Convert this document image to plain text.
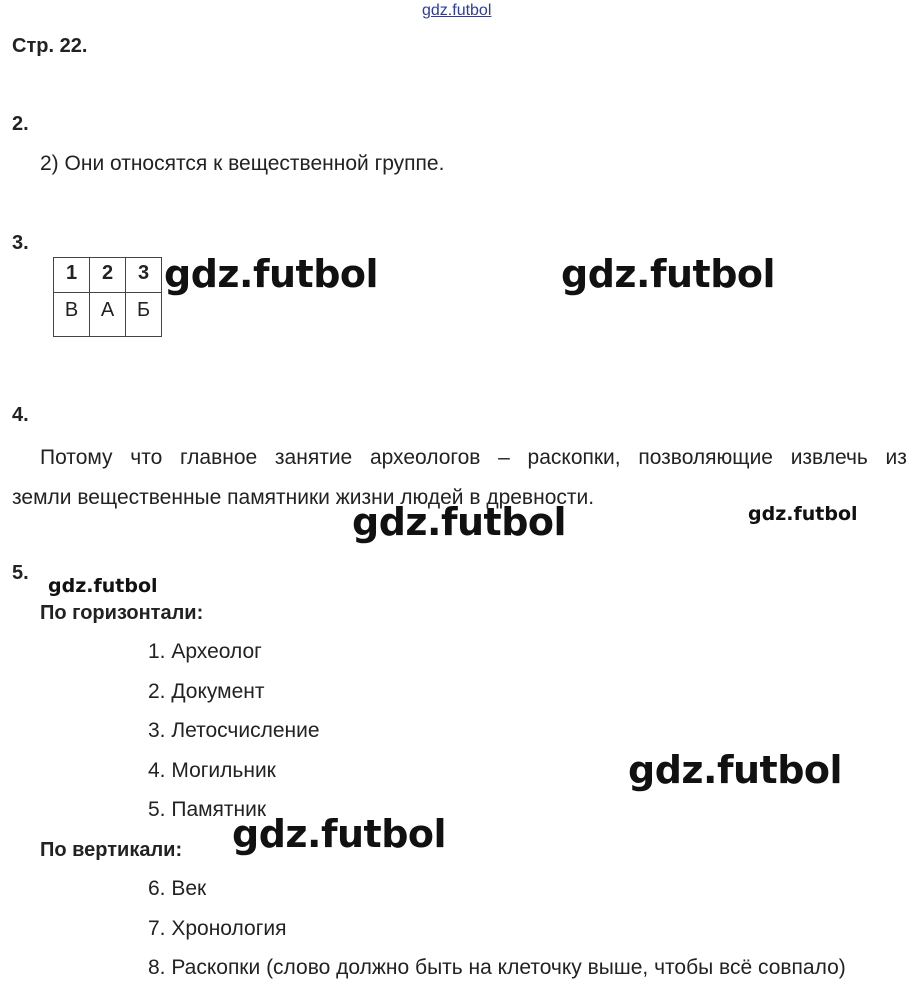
gdz.futbol
Стр. 22.
2.
2) Они относятся к вещественной группе.
3.
1	2	3
В	А	Б
4.
Потому что главное занятие археологов – раскопки, позволяющие извлечь из
земли вещественные памятники жизни людей в древности.
5.
По горизонтали:
1. Археолог
2. Документ
3. Летосчисление
4. Могильник
5. Памятник
По вертикали:
6. Век
7. Хронология
8. Раскопки (слово должно быть на клеточку выше, чтобы всё совпало)
gdz.futbol	gdz.futbol
gdz.futbol	gdz.futbol
gdz.futbol
gdz.futbol
gdz.futbol
